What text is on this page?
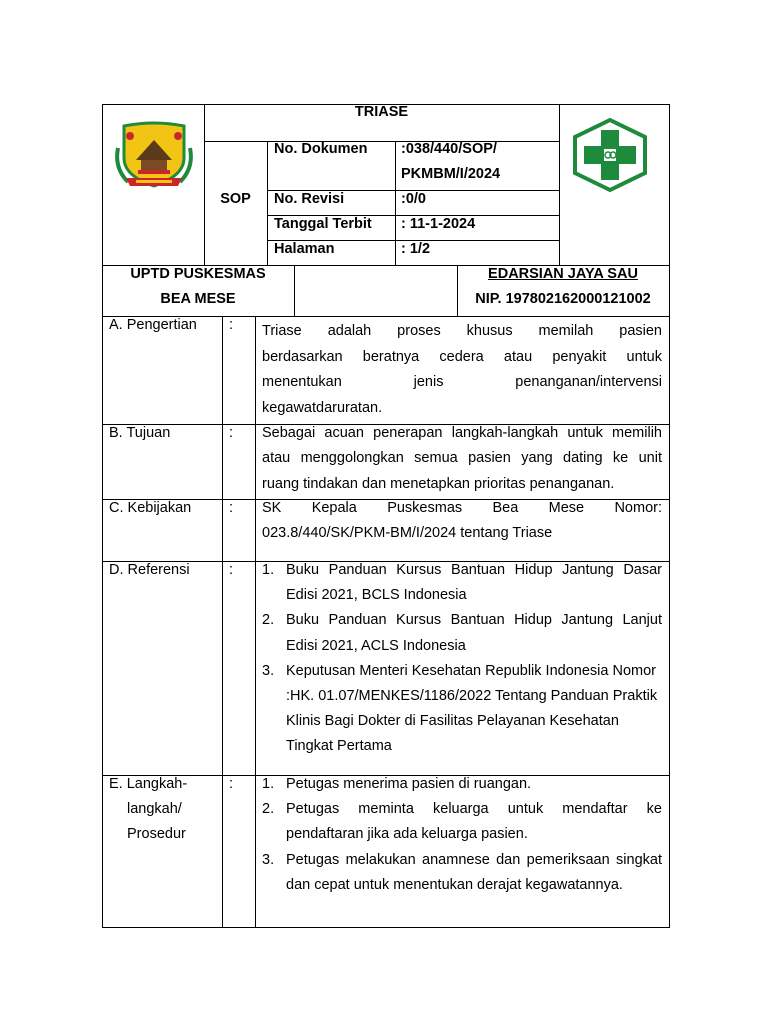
TRIASE
SOP
No. Dokumen :038/440/SOP/
PKMBM/I/2024
No. Revisi	:0/0
Tanggal Terbit : 11-1-2024
Halaman	: 1/2
UPTD PUSKESMAS
BEA MESE
EDARSIAN JAYA SAU
NIP. 197802162000121002
A. Pengertian : Triase adalah proses khusus memilah pasien
berdasarkan beratnya cedera atau penyakit untuk
menentukan jenis penanganan/intervensi
kegawatdaruratan.
B. Tujuan	: Sebagai acuan penerapan langkah-langkah untuk memilih
atau menggolongkan semua pasien yang dating ke unit
ruang tindakan dan menetapkan prioritas penanganan.
C. Kebijakan	: SK Kepala Puskesmas Bea Mese Nomor:
023.8/440/SK/PKM-BM/I/2024 tentang Triase
D. Referensi	: 1. Buku Panduan Kursus Bantuan Hidup Jantung Dasar Edisi 2021, BCLS Indonesia
2. Buku Panduan Kursus Bantuan Hidup Jantung Lanjut Edisi 2021, ACLS Indonesia
3. Keputusan Menteri Kesehatan Republik Indonesia Nomor :HK. 01.07/MENKES/1186/2022 Tentang Panduan Praktik Klinis Bagi Dokter di Fasilitas Pelayanan Kesehatan Tingkat Pertama
E. Langkah-
langkah/
Prosedur
: 1. Petugas menerima pasien di ruangan.
2. Petugas meminta keluarga untuk mendaftar ke pendaftaran jika ada keluarga pasien.
3. Petugas melakukan anamnese dan pemeriksaan singkat dan cepat untuk menentukan derajat kegawatannya.
